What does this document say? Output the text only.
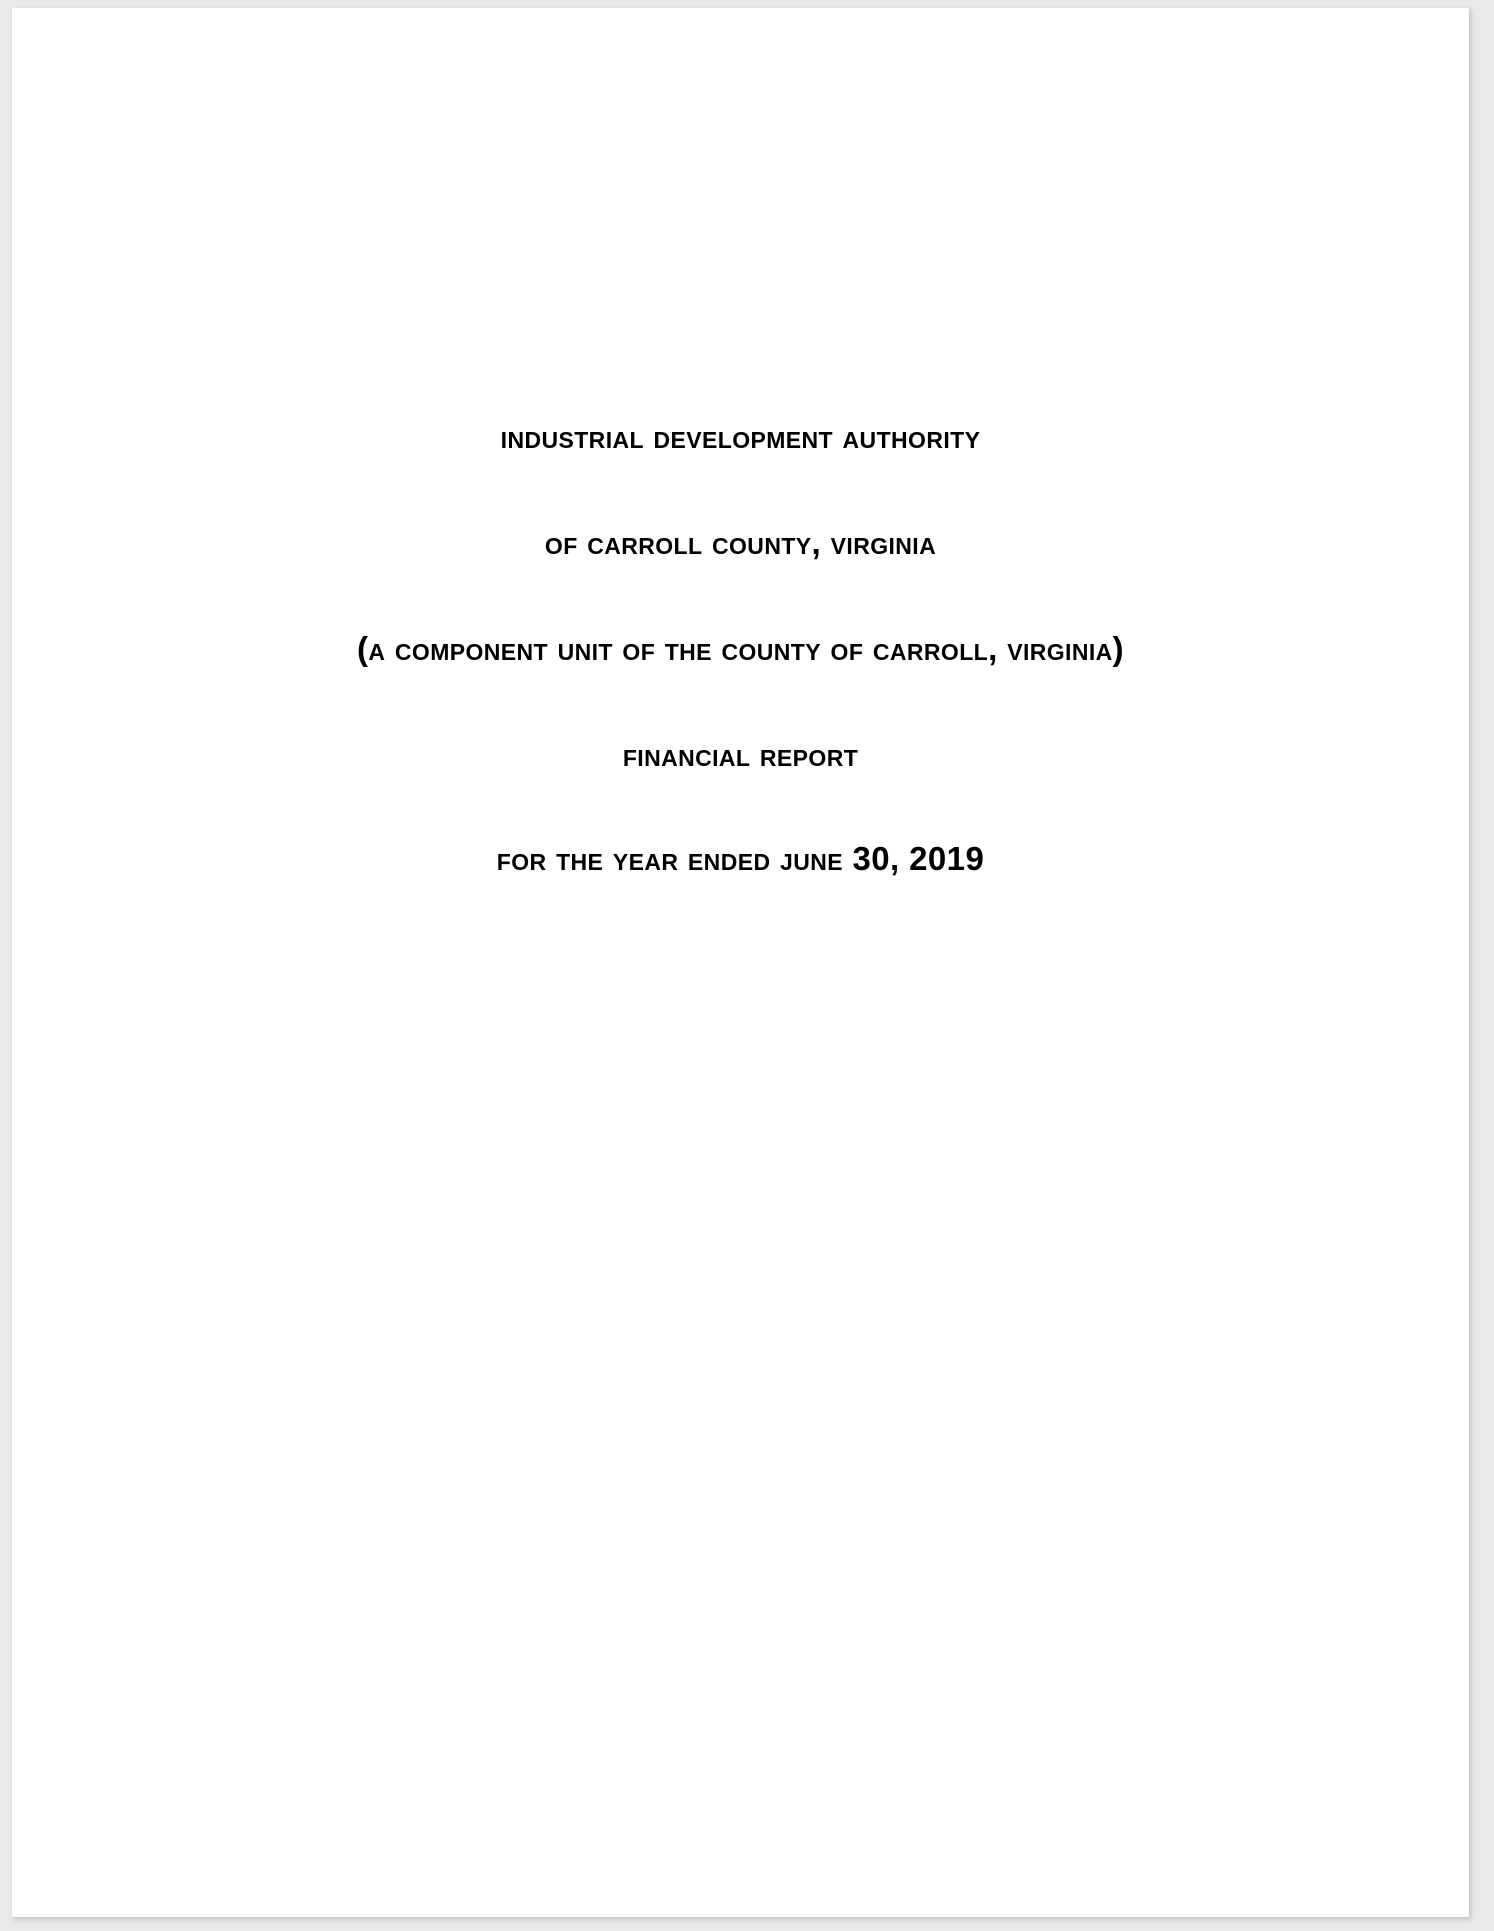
industrial development authority

of carroll county, virginia

(a component unit of the county of carroll, virginia)

financial report

for the year ended june 30, 2019
